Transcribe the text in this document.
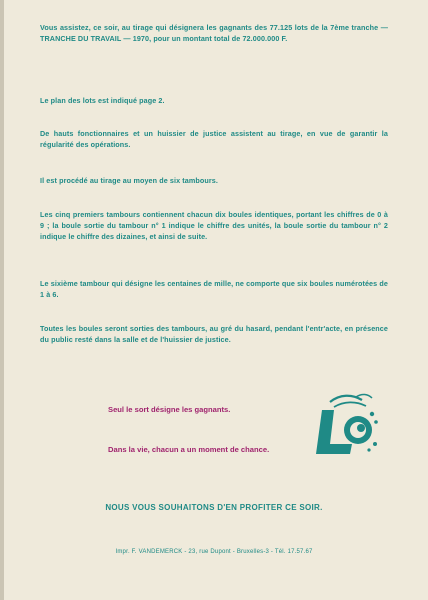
Vous assistez, ce soir, au tirage qui désignera les gagnants des 77.125 lots de la 7ème tranche — TRANCHE DU TRAVAIL — 1970, pour un montant total de 72.000.000 F.

Le plan des lots est indiqué page 2.

De hauts fonctionnaires et un huissier de justice assistent au tirage, en vue de garantir la régularité des opérations.

Il est procédé au tirage au moyen de six tambours.

Les cinq premiers tambours contiennent chacun dix boules identiques, portant les chiffres de 0 à 9 ; la boule sortie du tambour n° 1 indique le chiffre des unités, la boule sortie du tambour n° 2 indique le chiffre des dizaines, et ainsi de suite.

Le sixième tambour qui désigne les centaines de mille, ne comporte que six boules numérotées de 1 à 6.

Toutes les boules seront sorties des tambours, au gré du hasard, pendant l'entr'acte, en présence du public resté dans la salle et de l'huissier de justice.

Seul le sort désigne les gagnants.
Dans la vie, chacun a un moment de chance.
NOUS VOUS SOUHAITONS D'EN PROFITER CE SOIR.
Impr. F. VANDEMERCK - 23, rue Dupont - Bruxelles-3 - Tél. 17.57.67
